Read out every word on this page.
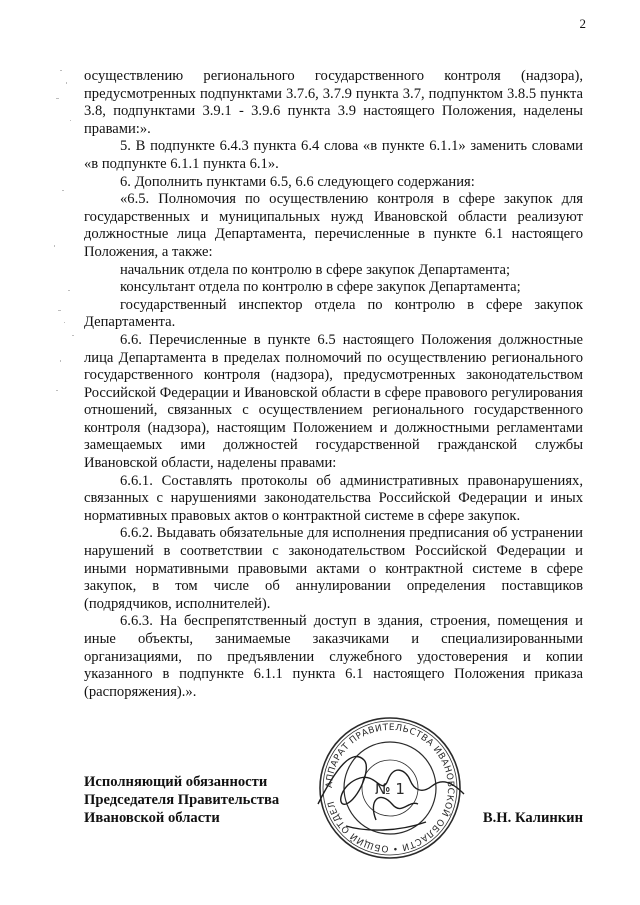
2

осуществлению регионального государственного контроля (надзора), предусмотренных подпунктами 3.7.6, 3.7.9 пункта 3.7, подпунктом 3.8.5 пункта 3.8, подпунктами 3.9.1 - 3.9.6 пункта 3.9 настоящего Положения, наделены правами:».

5. В подпункте 6.4.3 пункта 6.4 слова «в пункте 6.1.1» заменить словами «в подпункте 6.1.1 пункта 6.1».

6. Дополнить пунктами 6.5, 6.6 следующего содержания:

«6.5. Полномочия по осуществлению контроля в сфере закупок для государственных и муниципальных нужд Ивановской области реализуют должностные лица Департамента, перечисленные в пункте 6.1 настоящего Положения, а также:

начальник отдела по контролю в сфере закупок Департамента;

консультант отдела по контролю в сфере закупок Департамента;

государственный инспектор отдела по контролю в сфере закупок Департамента.

6.6. Перечисленные в пункте 6.5 настоящего Положения должностные лица Департамента в пределах полномочий по осуществлению регионального государственного контроля (надзора), предусмотренных законодательством Российской Федерации и Ивановской области в сфере правового регулирования отношений, связанных с осуществлением регионального государственного контроля (надзора), настоящим Положением и должностными регламентами замещаемых ими должностей государственной гражданской службы Ивановской области, наделены правами:

6.6.1. Составлять протоколы об административных правонарушениях, связанных с нарушениями законодательства Российской Федерации и иных нормативных правовых актов о контрактной системе в сфере закупок.

6.6.2. Выдавать обязательные для исполнения предписания об устранении нарушений в соответствии с законодательством Российской Федерации и иными нормативными правовыми актами о контрактной системе в сфере закупок, в том числе об аннулировании определения поставщиков (подрядчиков, исполнителей).

6.6.3. На беспрепятственный доступ в здания, строения, помещения и иные объекты, занимаемые заказчиками и специализированными организациями, по предъявлении служебного удостоверения и копии указанного в подпункте 6.1.1 пункта 6.1 настоящего Положения приказа (распоряжения).».

АППАРАТ ПРАВИТЕЛЬСТВА ИВАНОВСКОЙ ОБЛАСТИ • ОБЩИЙ ОТДЕЛ
№ 1
Исполняющий обязанности
Председателя Правительства
Ивановской области	В.Н. Калинкин
